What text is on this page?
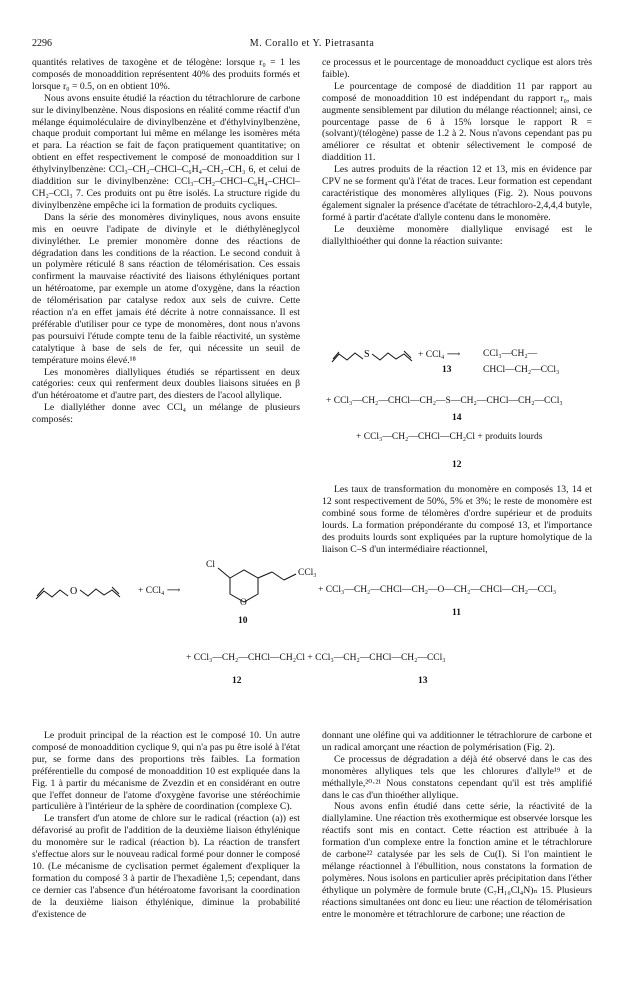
2296	M. Corallo et Y. Pietrasanta

quantités relatives de taxogène et de télogène: lorsque r₀ = 1 les composés de monoaddition représentent 40% des produits formés et lorsque r₀ = 0.5, on en obtient 10%.

Nous avons ensuite étudié la réaction du tétrachlorure de carbone sur le divinylbenzène. Nous disposions en réalité comme réactif d'un mélange équimoléculaire de divinylbenzène et d'éthylvinylbenzène, chaque produit comportant lui même en mélange les isomères méta et para. La réaction se fait de façon pratiquement quantitative; on obtient en effet respectivement le composé de monoaddition sur l éthylvinylbenzène: CCl₃–CH₂–CHCl–C₆H₄–CH₂–CH₃ 6, et celui de diaddition sur le divinylbenzène: CCl₃–CH₂–CHCl–C₆H₄–CHCl–CH₂–CCl₃ 7. Ces produits ont pu être isolés. La structure rigide du divinylbenzène empêche ici la formation de produits cycliques.

Dans la série des monomères divinyliques, nous avons ensuite mis en oeuvre l'adipate de divinyle et le diéthylèneglycol divinyléther. Le premier monomère donne des réactions de dégradation dans les conditions de la réaction. Le second conduit à un polymère réticulé 8 sans réaction de télomérisation. Ces essais confirment la mauvaise réactivité des liaisons éthyléniques portant un hétéroatome, par exemple un atome d'oxygène, dans la réaction de télomérisation par catalyse redox aux sels de cuivre. Cette réaction n'a en effet jamais été décrite à notre connaissance. Il est préférable d'utiliser pour ce type de monomères, dont nous n'avons pas poursuivi l'étude compte tenu de la faible réactivité, un système catalytique à base de sels de fer, qui nécessite un seuil de température moins élevé.¹⁸

Les monomères diallyliques étudiés se répartissent en deux catégories: ceux qui renferment deux doubles liaisons situées en β d'un hétéroatome et d'autre part, des diesters de l'acool allylique.

Le diallyléther donne avec CCl₄ un mélange de plusieurs composés:

ce processus et le pourcentage de monoadduct cyclique est alors très faible).

Le pourcentage de composé de diaddition 11 par rapport au composé de monoaddition 10 est indépendant du rapport r₀, mais augmente sensiblement par dilution du mélange réactionnel; ainsi, ce pourcentage passe de 6 à 15% lorsque le rapport R = (solvant)/(télogène) passe de 1.2 à 2. Nous n'avons cependant pas pu améliorer ce résultat et obtenir sélectivement le composé de diaddition 11.

Les autres produits de la réaction 12 et 13, mis en évidence par CPV ne se forment qu'à l'état de traces. Leur formation est cependant caractéristique des monomères allyliques (Fig. 2). Nous pouvons également signaler la présence d'acétate de tétrachloro-2,4,4,4 butyle, formé à partir d'acétate d'allyle contenu dans le monomère.

Le deuxième monomère diallylique envisagé est le diallylthioéther qui donne la réaction suivante:

S	+ CCl₄ ⟶ CCl₃—CH₂—
13	CHCl—CH₂—CCl₃
+ CCl₃—CH₂—CHCl—CH₂—S—CH₂—CHCl—CH₂—CCl₃
14
+ CCl₃—CH₂—CHCl—CH₂Cl + produits lourds
12

Les taux de transformation du monomère en composés 13, 14 et 12 sont respectivement de 50%, 5% et 3%; le reste de monomère est combiné sous forme de télomères d'ordre supérieur et de produits lourds. La formation prépondérante du composé 13, et l'importance des produits lourds sont expliquées par la rupture homolytique de la liaison C–S d'un intermédiaire réactionnel,

O	+ CCl₄ ⟶
Cl
CCl₃
O
10
+ CCl₃—CH₂—CHCl—CH₂—O—CH₂—CHCl—CH₂—CCl₃
11
+ CCl₃—CH₂—CHCl—CH₂Cl + CCl₃—CH₂—CHCl—CH₂—CCl₃
12	13

Le produit principal de la réaction est le composé 10. Un autre composé de monoaddition cyclique 9, qui n'a pas pu être isolé à l'état pur, se forme dans des proportions très faibles. La formation préférentielle du composé de monoaddition 10 est expliquée dans la Fig. 1 à partir du mécanisme de Zvezdin et en considérant en outre que l'effet donneur de l'atome d'oxygène favorise une stéréochimie particulière à l'intérieur de la sphère de coordination (complexe C).

Le transfert d'un atome de chlore sur le radical (réaction (a)) est défavorisé au profit de l'addition de la deuxième liaison éthylénique du monomère sur le radical (réaction b). La réaction de transfert s'effectue alors sur le nouveau radical formé pour donner le composé 10. (Le mécanisme de cyclisation permet également d'expliquer la formation du composé 3 à partir de l'hexadiène 1,5; cependant, dans ce dernier cas l'absence d'un hétéroatome favorisant la coordination de la deuxième liaison éthylénique, diminue la probabilité d'existence de

donnant une oléfine qui va additionner le tétrachlorure de carbone et un radical amorçant une réaction de polymérisation (Fig. 2).

Ce processus de dégradation a déjà été observé dans le cas des monomères allyliques tels que les chlorures d'allyle¹⁹ et de méthallyle,²⁰·²¹ Nous constatons cependant qu'il est très amplifié dans le cas d'un thioéther allylique.

Nous avons enfin étudié dans cette série, la réactivité de la diallylamine. Une réaction très exothermique est observée lorsque les réactifs sont mis en contact. Cette réaction est attribuée à la formation d'un complexe entre la fonction amine et le tétrachlorure de carbone²² catalysée par les sels de Cu(I). Si l'on maintient le mélange réactionnel à l'ébullition, nous constatons la formation de polymères. Nous isolons en particulier après précipitation dans l'éther éthylique un polymère de formule brute (C₇H₁₀Cl₄N)ₙ 15. Plusieurs réactions simultanées ont donc eu lieu: une réaction de télomérisation entre le monomère et tétrachlorure de carbone; une réaction de
